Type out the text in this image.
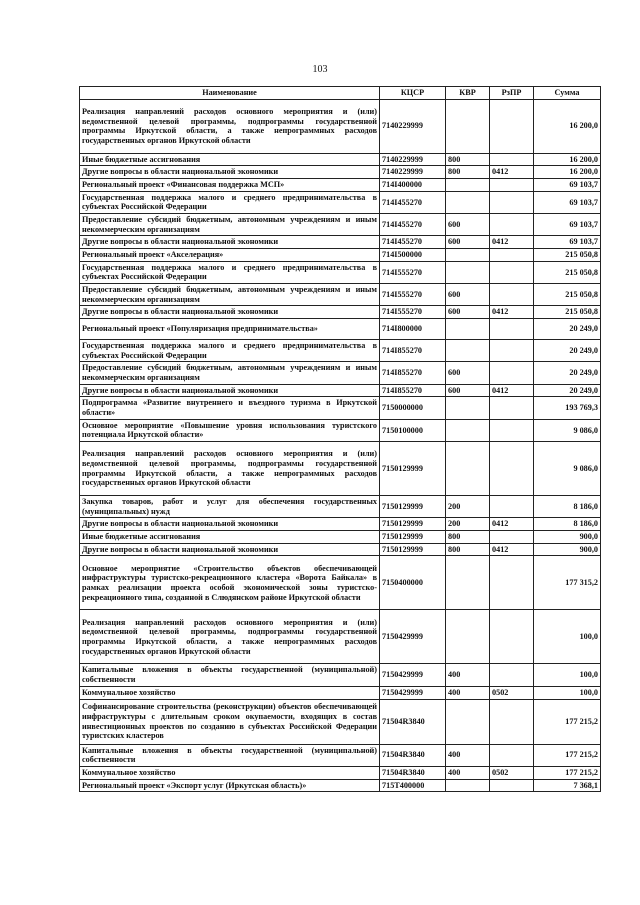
103
Наименование	КЦСР	КВР	РзПР	Сумма
Реализация направлений расходов основного мероприятия и (или) ведомственной целевой программы, подпрограммы государственной программы Иркутской области, а также непрограммных расходов государственных органов Иркутской области	7140229999			16 200,0
Иные бюджетные ассигнования	7140229999	800		16 200,0
Другие вопросы в области национальной экономики	7140229999	800	0412	16 200,0
Региональный проект «Финансовая поддержка МСП»	714I400000			69 103,7
Государственная поддержка малого и среднего предпринимательства в субъектах Российской Федерации	714I455270			69 103,7
Предоставление субсидий бюджетным, автономным учреждениям и иным некоммерческим организациям	714I455270	600		69 103,7
Другие вопросы в области национальной экономики	714I455270	600	0412	69 103,7
Региональный проект «Акселерация»	714I500000			215 050,8
Государственная поддержка малого и среднего предпринимательства в субъектах Российской Федерации	714I555270			215 050,8
Предоставление субсидий бюджетным, автономным учреждениям и иным некоммерческим организациям	714I555270	600		215 050,8
Другие вопросы в области национальной экономики	714I555270	600	0412	215 050,8
Региональный проект «Популяризация предпринимательства»	714I800000			20 249,0
Государственная поддержка малого и среднего предпринимательства в субъектах Российской Федерации	714I855270			20 249,0
Предоставление субсидий бюджетным, автономным учреждениям и иным некоммерческим организациям	714I855270	600		20 249,0
Другие вопросы в области национальной экономики	714I855270	600	0412	20 249,0
Подпрограмма «Развитие внутреннего и въездного туризма в Иркутской области»	7150000000			193 769,3
Основное мероприятие «Повышение уровня использования туристского потенциала Иркутской области»	7150100000			9 086,0
Реализация направлений расходов основного мероприятия и (или) ведомственной целевой программы, подпрограммы государственной программы Иркутской области, а также непрограммных расходов государственных органов Иркутской области	7150129999			9 086,0
Закупка товаров, работ и услуг для обеспечения государственных (муниципальных) нужд	7150129999	200		8 186,0
Другие вопросы в области национальной экономики	7150129999	200	0412	8 186,0
Иные бюджетные ассигнования	7150129999	800		900,0
Другие вопросы в области национальной экономики	7150129999	800	0412	900,0
Основное мероприятие «Строительство объектов обеспечивающей инфраструктуры туристско-рекреационного кластера «Ворота Байкала» в рамках реализации проекта особой экономической зоны туристско-рекреационного типа, созданной в Слюдянском районе Иркутской области	7150400000			177 315,2
Реализация направлений расходов основного мероприятия и (или) ведомственной целевой программы, подпрограммы государственной программы Иркутской области, а также непрограммных расходов государственных органов Иркутской области	7150429999			100,0
Капитальные вложения в объекты государственной (муниципальной) собственности	7150429999	400		100,0
Коммунальное хозяйство	7150429999	400	0502	100,0
Софинансирование строительства (реконструкции) объектов обеспечивающей инфраструктуры с длительным сроком окупаемости, входящих в состав инвестиционных проектов по созданию в субъектах Российской Федерации туристских кластеров	71504R3840			177 215,2
Капитальные вложения в объекты государственной (муниципальной) собственности	71504R3840	400		177 215,2
Коммунальное хозяйство	71504R3840	400	0502	177 215,2
Региональный проект «Экспорт услуг (Иркутская область)»	715T400000			7 368,1
